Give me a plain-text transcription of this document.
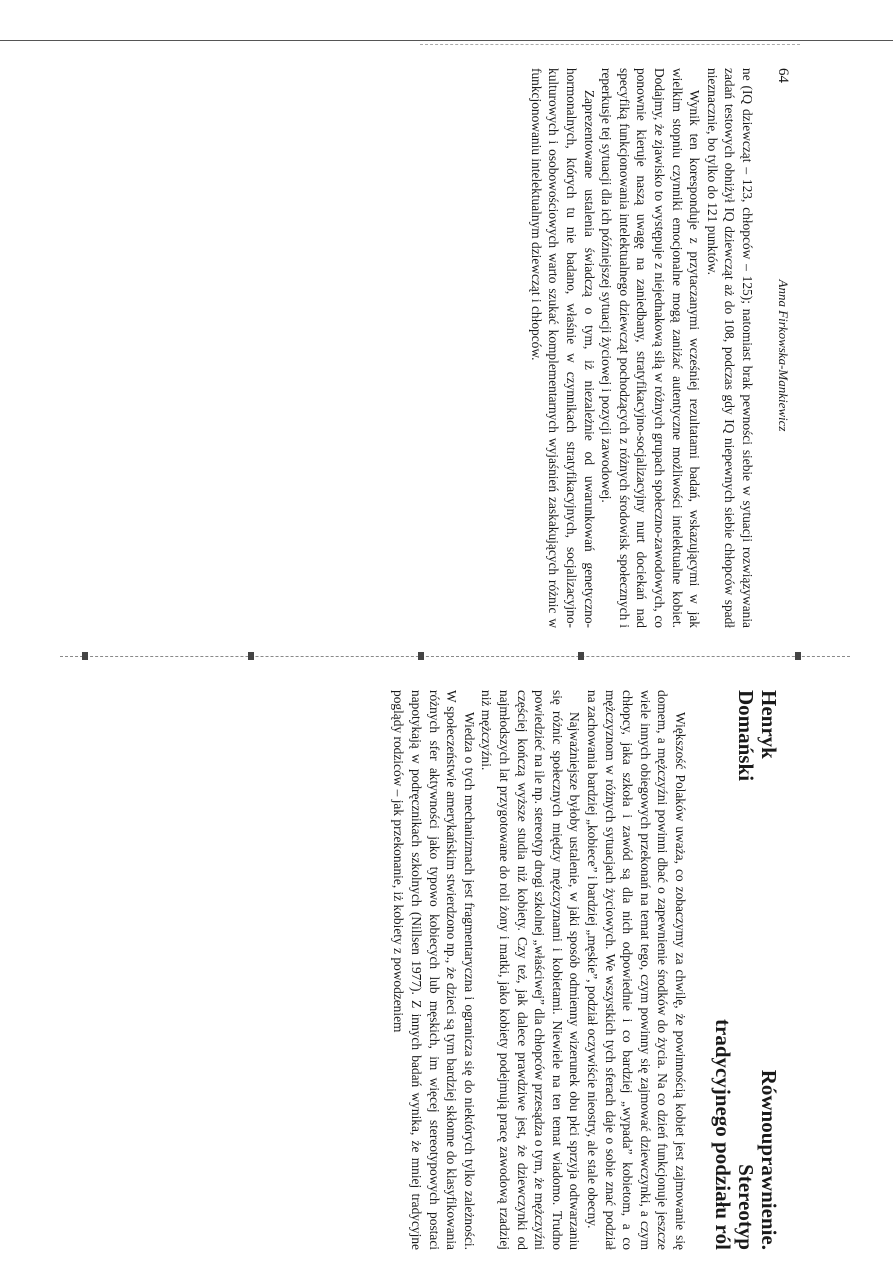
64
Anna Firkowska-Mankiewicz

ne (IQ dziewcząt – 123, chłopców – 125); natomiast brak pewności siebie w sytuacji rozwiązywania zadań testowych obniżył IQ dziewcząt aż do 108, podczas gdy IQ niepewnych siebie chłopców spadł nieznacznie, bo tylko do 121 punktów.

Wynik ten koresponduje z przytaczanymi wcześniej rezultatami badań, wskazującymi w jak wielkim stopniu czynniki emocjonalne mogą zaniżać autentyczne możliwości intelektualne kobiet. Dodajmy, że zjawisko to występuje z niejednakową siłą w różnych grupach społeczno-zawodowych, co ponownie kieruje naszą uwagę na zaniedbany, stratyfikacyjno-socjalizacyjny nurt dociekań nad specyfiką funkcjonowania intelektualnego dziewcząt pochodzących z różnych środowisk społecznych i reperkusje tej sytuacji dla ich późniejszej sytuacji życiowej i pozycji zawodowej.

Zaprezentowane ustalenia świadczą o tym, iż niezależnie od uwarunkowań genetyczno-hormonalnych, których tu nie badano, właśnie w czynnikach stratyfikacyjnych, socjalizacyjno-kulturowych i osobowościowych warto szukać komplementarnych wyjaśnień zaskakujących różnic w funkcjonowaniu intelektualnym dziewcząt i chłopców.

Henryk
Domański
Równouprawnienie.
Stereotyp
tradycyjnego podziału ról

Większość Polaków uważa, co zobaczymy za chwilę, że powinnością kobiet jest zajmowanie się domem, a mężczyźni powinni dbać o zapewnienie środków do życia. Na co dzień funkcjonuje jeszcze wiele innych obiegowych przekonań na temat tego, czym powinny się zajmować dziewczynki, a czym chłopcy, jaka szkoła i zawód są dla nich odpowiednie i co bardziej „wypada” kobietom, a co mężczyznom w różnych sytuacjach życiowych. We wszystkich tych sferach daje o sobie znać podział na zachowania bardziej „kobiece” i bardziej „męskie”, podział oczywiście nieostry, ale stale obecny.

Najważniejsze byłoby ustalenie, w jaki sposób odmienny wizerunek obu płci sprzyja odtwarzaniu się różnic społecznych między mężczyznami i kobietami. Niewiele na ten temat wiadomo. Trudno powiedzieć na ile np. stereotyp drogi szkolnej „właściwej” dla chłopców przesądza o tym, że mężczyźni częściej kończą wyższe studia niż kobiety. Czy też, jak dalece prawdziwe jest, że dziewczynki od najmłodszych lat przygotowane do roli żony i matki, jako kobiety podejmują pracę zawodową rzadziej niż mężczyźni.

Wiedza o tych mechanizmach jest fragmentaryczna i ogranicza się do niektórych tylko zależności. W społeczeństwie amerykańskim stwierdzono np., że dzieci są tym bardziej skłonne do klasyfikowania różnych sfer aktywności jako typowo kobiecych lub męskich, im więcej stereotypowych postaci napotykają w podręcznikach szkolnych (Nillsen 1977). Z innych badań wynika, że mniej tradycyjne poglądy rodziców – jak przekonanie, iż kobiety z powodzeniem
